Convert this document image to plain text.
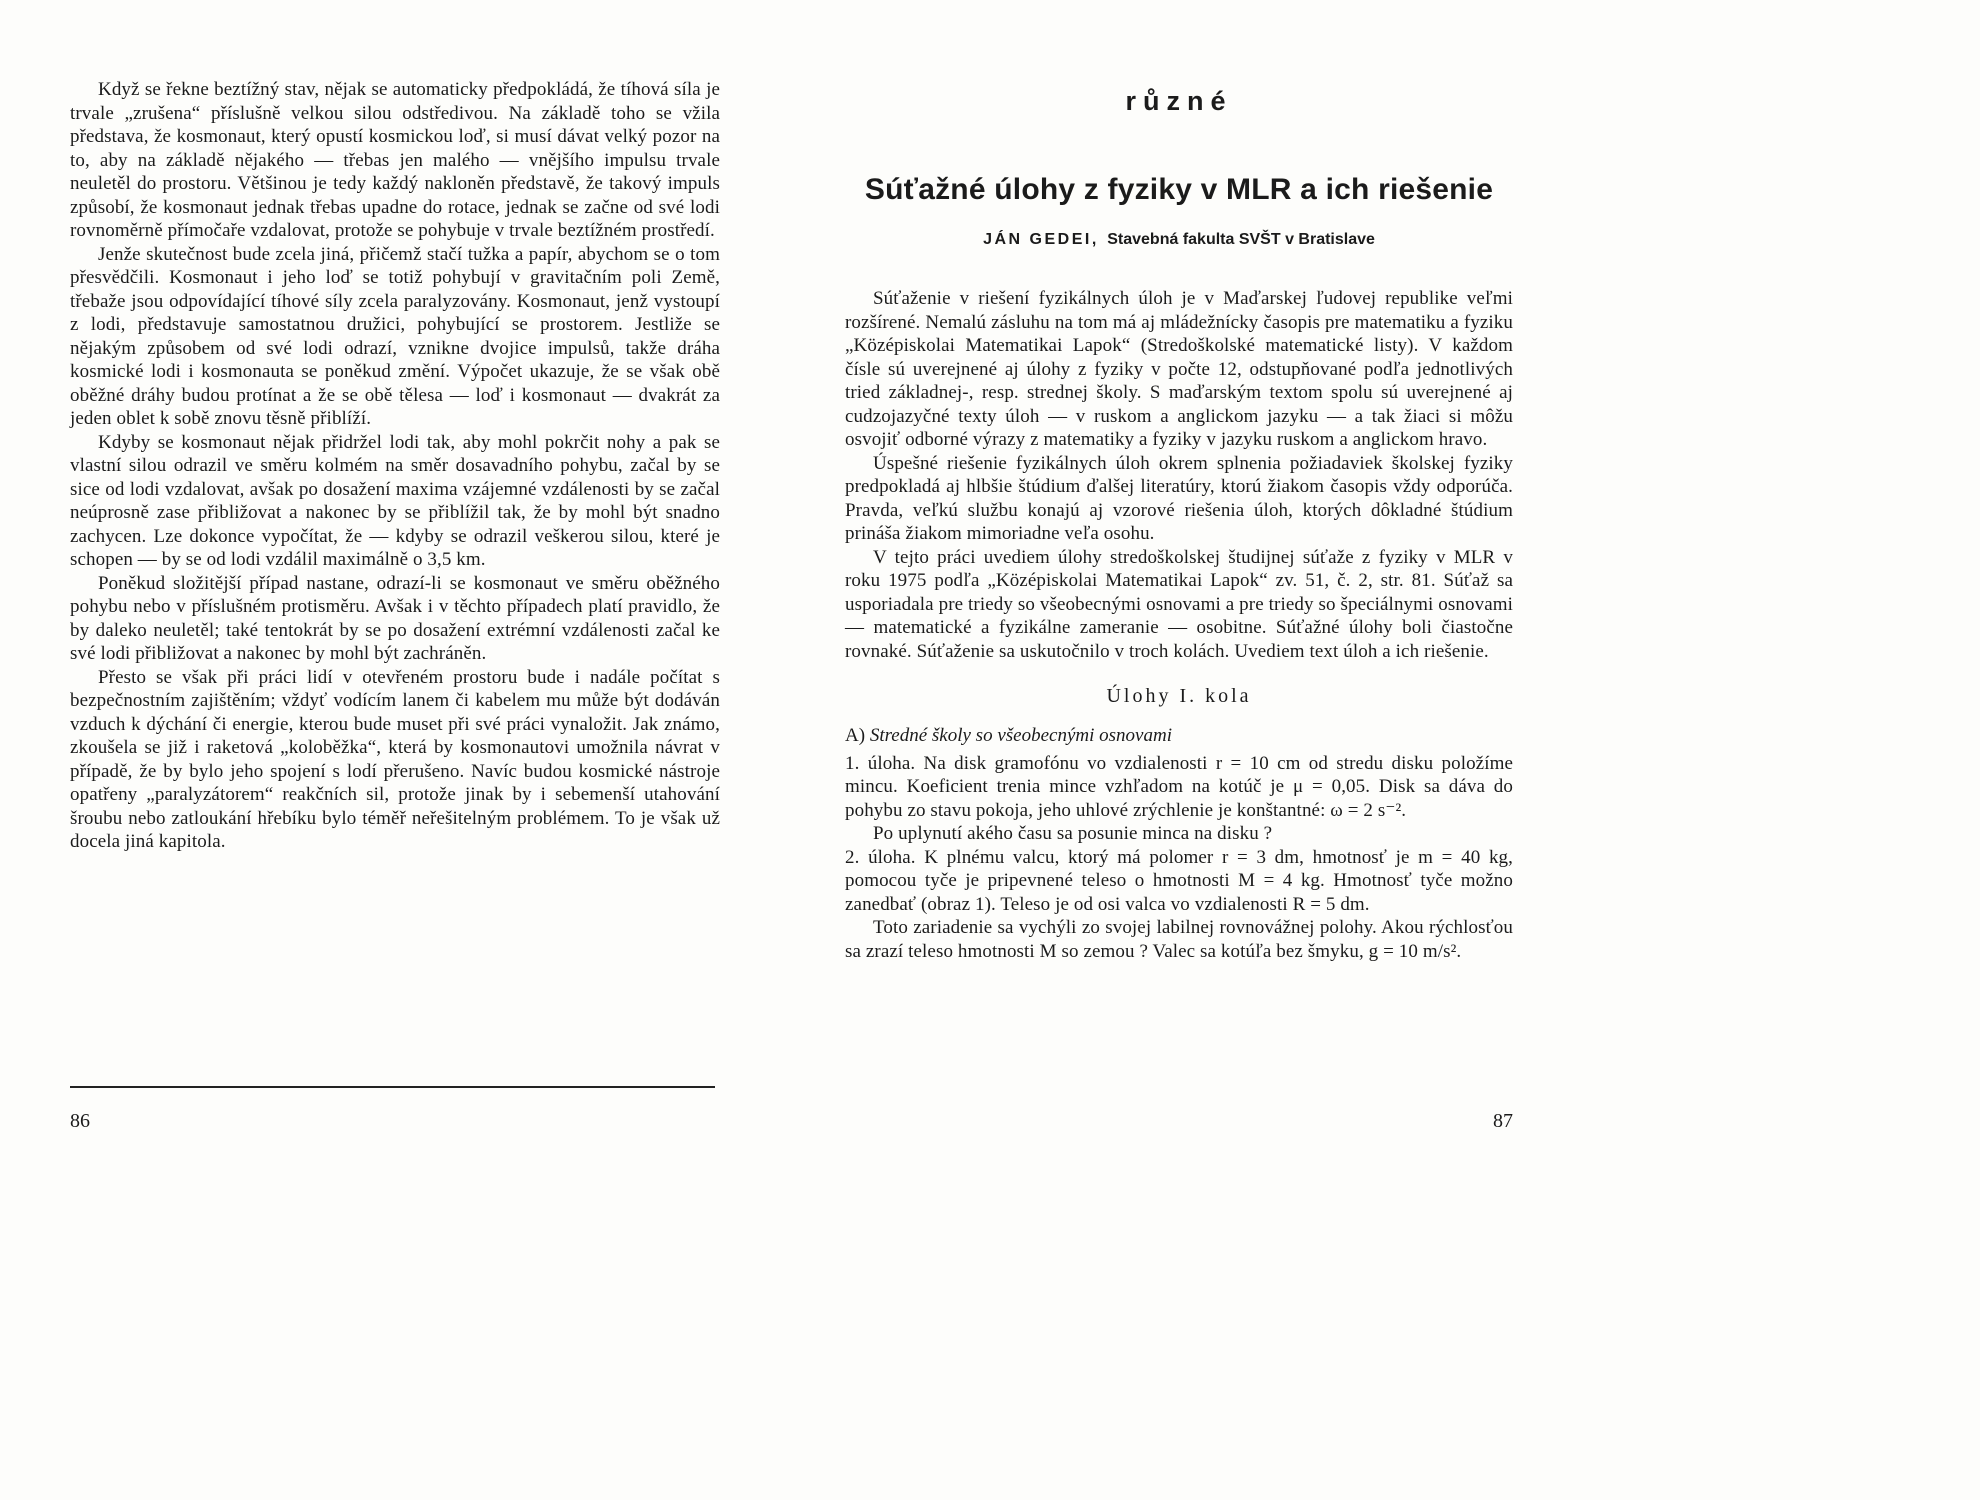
Když se řekne beztížný stav, nějak se automaticky předpokládá, že tíhová síla je trvale „zrušena“ příslušně velkou silou odstředivou. Na základě toho se vžila představa, že kosmonaut, který opustí kosmickou loď, si musí dávat velký pozor na to, aby na základě nějakého — třebas jen malého — vnějšího impulsu trvale neuletěl do prostoru. Většinou je tedy každý nakloněn představě, že takový impuls způsobí, že kosmonaut jednak třebas upadne do rotace, jednak se začne od své lodi rovnoměrně přímočaře vzdalovat, protože se pohybuje v trvale beztížném prostředí.

Jenže skutečnost bude zcela jiná, přičemž stačí tužka a papír, abychom se o tom přesvědčili. Kosmonaut i jeho loď se totiž pohybují v gravitačním poli Země, třebaže jsou odpovídající tíhové síly zcela paralyzovány. Kosmonaut, jenž vystoupí z lodi, představuje samostatnou družici, pohybující se prostorem. Jestliže se nějakým způsobem od své lodi odrazí, vznikne dvojice impulsů, takže dráha kosmické lodi i kosmonauta se poněkud změní. Výpočet ukazuje, že se však obě oběžné dráhy budou protínat a že se obě tělesa — loď i kosmonaut — dvakrát za jeden oblet k sobě znovu těsně přiblíží.

Kdyby se kosmonaut nějak přidržel lodi tak, aby mohl pokrčit nohy a pak se vlastní silou odrazil ve směru kolmém na směr dosavadního pohybu, začal by se sice od lodi vzdalovat, avšak po dosažení maxima vzájemné vzdálenosti by se začal neúprosně zase přibližovat a nakonec by se přiblížil tak, že by mohl být snadno zachycen. Lze dokonce vypočítat, že — kdyby se odrazil veškerou silou, které je schopen — by se od lodi vzdálil maximálně o 3,5 km.

Poněkud složitější případ nastane, odrazí-li se kosmonaut ve směru oběžného pohybu nebo v příslušném protisměru. Avšak i v těchto případech platí pravidlo, že by daleko neuletěl; také tentokrát by se po dosažení extrémní vzdálenosti začal ke své lodi přibližovat a nakonec by mohl být zachráněn.

Přesto se však při práci lidí v otevřeném prostoru bude i nadále počítat s bezpečnostním zajištěním; vždyť vodícím lanem či kabelem mu může být dodáván vzduch k dýchání či energie, kterou bude muset při své práci vynaložit. Jak známo, zkoušela se již i raketová „koloběžka“, která by kosmonautovi umožnila návrat v případě, že by bylo jeho spojení s lodí přerušeno. Navíc budou kosmické nástroje opatřeny „paralyzátorem“ reakčních sil, protože jinak by i sebemenší utahování šroubu nebo zatloukání hřebíku bylo téměř neřešitelným problémem. To je však už docela jiná kapitola.

86
různé
Súťažné úlohy z fyziky v MLR a ich riešenie
JÁN GEDEI, Stavebná fakulta SVŠT v Bratislave

Súťaženie v riešení fyzikálnych úloh je v Maďarskej ľudovej republike veľmi rozšírené. Nemalú zásluhu na tom má aj mládežnícky časopis pre matematiku a fyziku „Középiskolai Matematikai Lapok“ (Stredoškolské matematické listy). V každom čísle sú uverejnené aj úlohy z fyziky v počte 12, odstupňované podľa jednotlivých tried základnej-, resp. strednej školy. S maďarským textom spolu sú uverejnené aj cudzojazyčné texty úloh — v ruskom a anglickom jazyku — a tak žiaci si môžu osvojiť odborné výrazy z matematiky a fyziky v jazyku ruskom a anglickom hravo.

Úspešné riešenie fyzikálnych úloh okrem splnenia požiadaviek školskej fyziky predpokladá aj hlbšie štúdium ďalšej literatúry, ktorú žiakom časopis vždy odporúča. Pravda, veľkú službu konajú aj vzorové riešenia úloh, ktorých dôkladné štúdium prináša žiakom mimoriadne veľa osohu.

V tejto práci uvediem úlohy stredoškolskej študijnej súťaže z fyziky v MLR v roku 1975 podľa „Középiskolai Matematikai Lapok“ zv. 51, č. 2, str. 81. Súťaž sa usporiadala pre triedy so všeobecnými osnovami a pre triedy so špeciálnymi osnovami — matematické a fyzikálne zameranie — osobitne. Súťažné úlohy boli čiastočne rovnaké. Súťaženie sa uskutočnilo v troch kolách. Uvediem text úloh a ich riešenie.

Úlohy I. kola

A) Stredné školy so všeobecnými osnovami

1. úloha. Na disk gramofónu vo vzdialenosti r = 10 cm od stredu disku položíme mincu. Koeficient trenia mince vzhľadom na kotúč je μ = 0,05. Disk sa dáva do pohybu zo stavu pokoja, jeho uhlové zrýchlenie je konštantné: ω = 2 s⁻².

Po uplynutí akého času sa posunie minca na disku ?

2. úloha. K plnému valcu, ktorý má polomer r = 3 dm, hmotnosť je m = 40 kg, pomocou tyče je pripevnené teleso o hmotnosti M = 4 kg. Hmotnosť tyče možno zanedbať (obraz 1). Teleso je od osi valca vo vzdialenosti R = 5 dm.

Toto zariadenie sa vychýli zo svojej labilnej rovnovážnej polohy. Akou rýchlosťou sa zrazí teleso hmotnosti M so zemou ? Valec sa kotúľa bez šmyku, g = 10 m/s².

87
